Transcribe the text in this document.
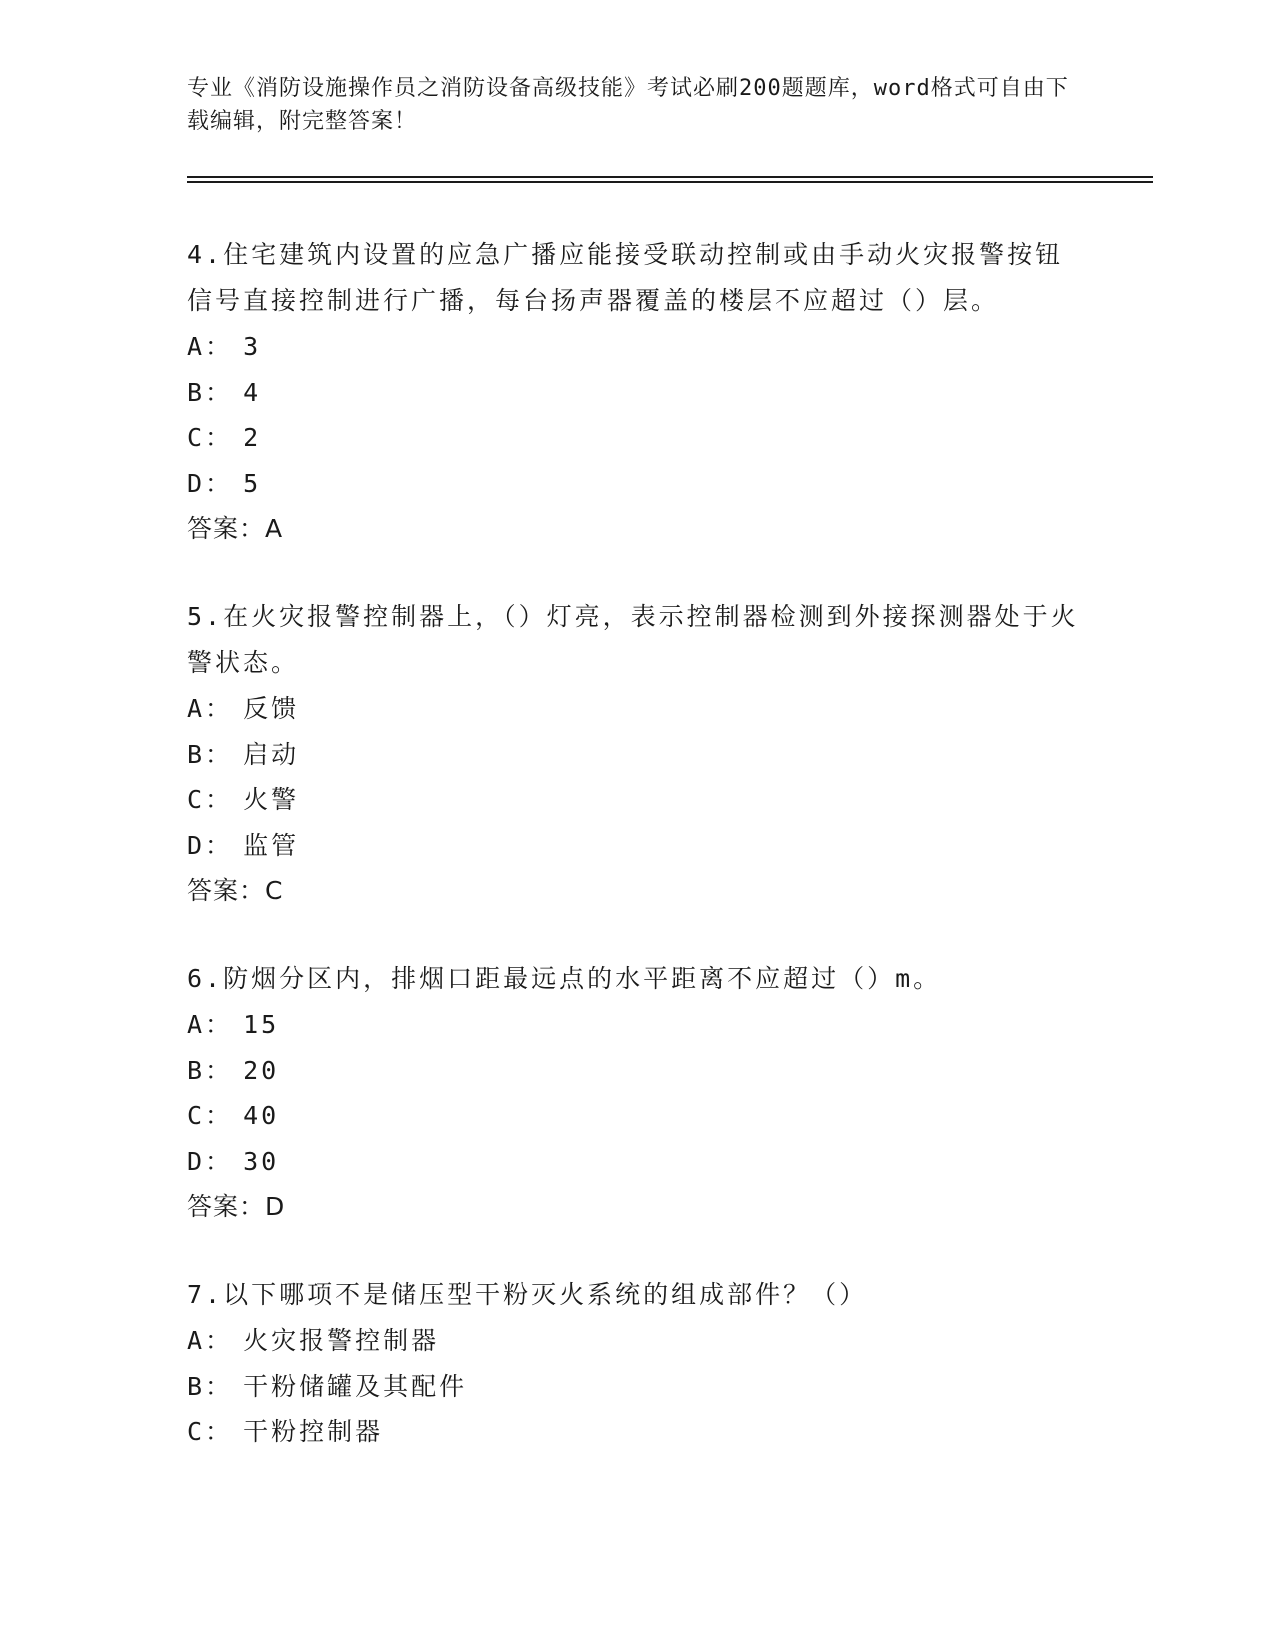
专业《消防设施操作员之消防设备高级技能》考试必刷200题题库，word格式可自由下载编辑，附完整答案！
4.住宅建筑内设置的应急广播应能接受联动控制或由手动火灾报警按钮信号直接控制进行广播，每台扬声器覆盖的楼层不应超过（）层。
A： 3
B： 4
C： 2
D： 5
答案：A
5.在火灾报警控制器上，（）灯亮，表示控制器检测到外接探测器处于火警状态。
A： 反馈
B： 启动
C： 火警
D： 监管
答案：C
6.防烟分区内，排烟口距最远点的水平距离不应超过（）m。
A： 15
B： 20
C： 40
D： 30
答案：D
7.以下哪项不是储压型干粉灭火系统的组成部件？（）
A： 火灾报警控制器
B： 干粉储罐及其配件
C： 干粉控制器
